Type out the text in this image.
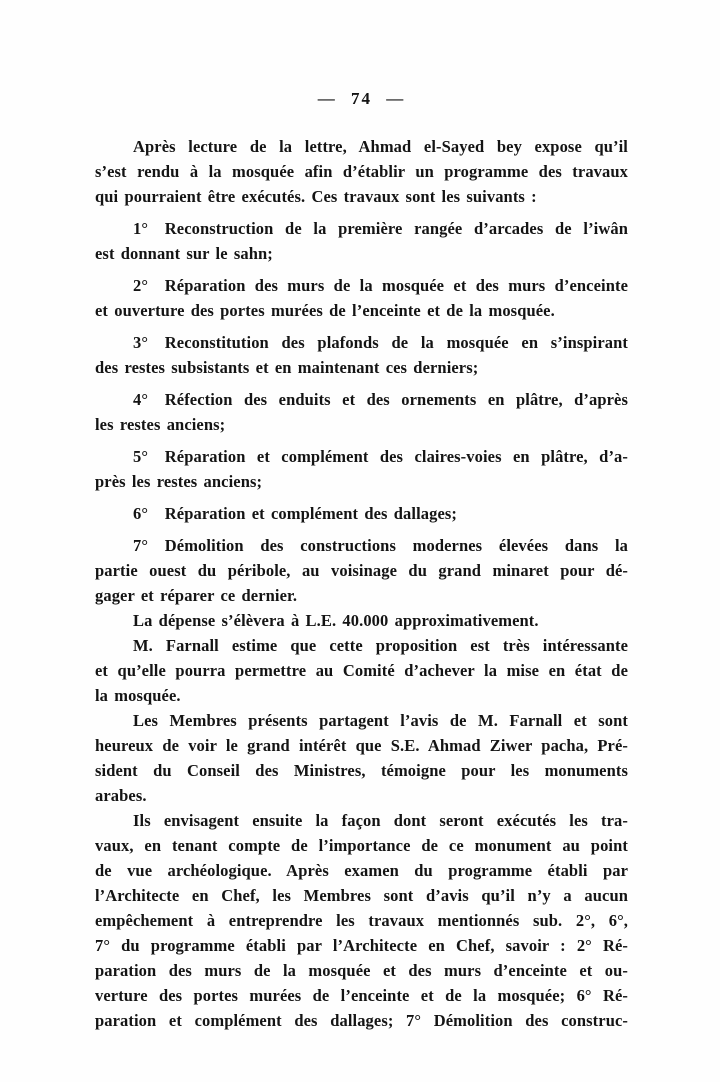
— 74 —
Après lecture de la lettre, Ahmad el-Sayed bey expose qu’il
s’est rendu à la mosquée afin d’établir un programme des travaux
qui pourraient être exécutés. Ces travaux sont les suivants :
1°  Reconstruction de la première rangée d’arcades de l’iwân
est donnant sur le sahn;
2°  Réparation des murs de la mosquée et des murs d’enceinte
et ouverture des portes murées de l’enceinte et de la mosquée.
3°  Reconstitution des plafonds de la mosquée en s’inspirant
des restes subsistants et en maintenant ces derniers;
4°  Réfection des enduits et des ornements en plâtre, d’après
les restes anciens;
5°  Réparation et complément des claires-voies en plâtre, d’a-
près les restes anciens;
6°  Réparation et complément des dallages;
7°  Démolition des constructions modernes élevées dans la
partie ouest du péribole, au voisinage du grand minaret pour dé-
gager et réparer ce dernier.
La dépense s’élèvera à L.E. 40.000 approximativement.
M. Farnall estime que cette proposition est très intéressante
et qu’elle pourra permettre au Comité d’achever la mise en état de
la mosquée.
Les Membres présents partagent l’avis de M. Farnall et sont
heureux de voir le grand intérêt que S.E. Ahmad Ziwer pacha, Pré-
sident du Conseil des Ministres, témoigne pour les monuments
arabes.
Ils envisagent ensuite la façon dont seront exécutés les tra-
vaux, en tenant compte de l’importance de ce monument au point
de vue archéologique. Après examen du programme établi par
l’Architecte en Chef, les Membres sont d’avis qu’il n’y a aucun
empêchement à entreprendre les travaux mentionnés sub. 2°, 6°,
7° du programme établi par l’Architecte en Chef, savoir : 2° Ré-
paration des murs de la mosquée et des murs d’enceinte et ou-
verture des portes murées de l’enceinte et de la mosquée; 6° Ré-
paration et complément des dallages; 7° Démolition des construc-
